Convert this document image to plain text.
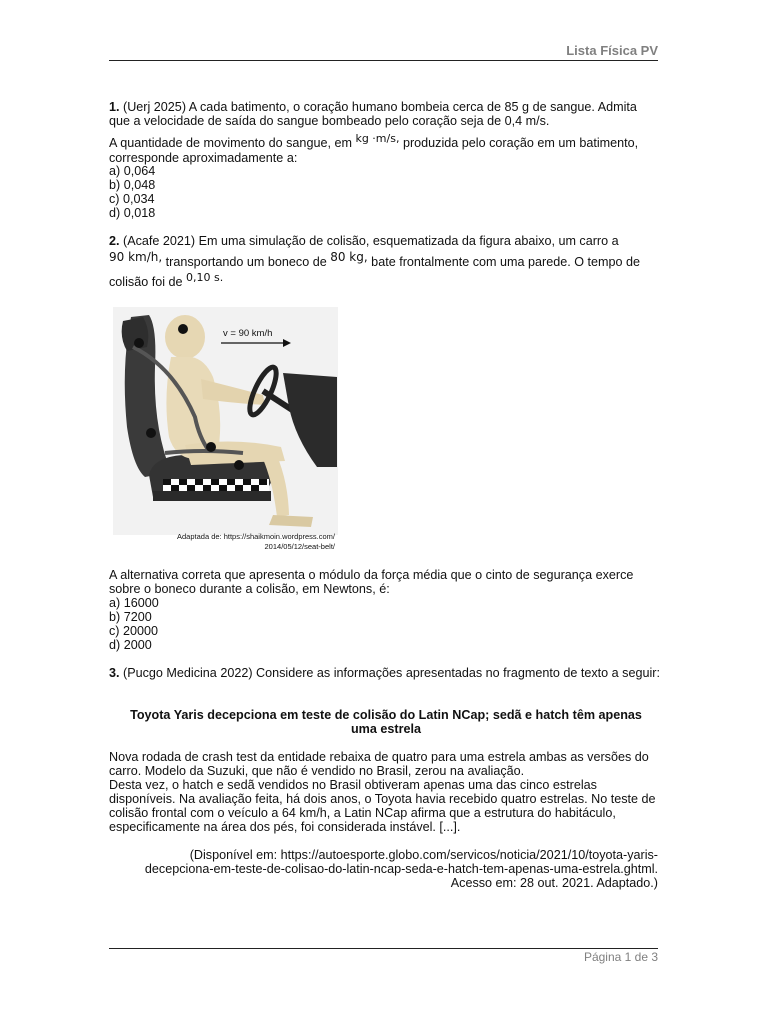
Lista Física PV
1. (Uerj 2025) A cada batimento, o coração humano bombeia cerca de 85 g de sangue. Admita que a velocidade de saída do sangue bombeado pelo coração seja de 0,4 m/s.
A quantidade de movimento do sangue, em kg ·m/s, produzida pelo coração em um batimento, corresponde aproximadamente a:
a) 0,064
b) 0,048
c) 0,034
d) 0,018
2. (Acafe 2021) Em uma simulação de colisão, esquematizada da figura abaixo, um carro a
90 km/h, transportando um boneco de 80 kg, bate frontalmente com uma parede. O tempo de
colisão foi de 0,10 s.
v = 90 km/h
Adaptada de: https://shaikmoin.wordpress.com/
2014/05/12/seat-belt/
A alternativa correta que apresenta o módulo da força média que o cinto de segurança exerce sobre o boneco durante a colisão, em Newtons, é:
a) 16000
b) 7200
c) 20000
d) 2000
3. (Pucgo Medicina 2022) Considere as informações apresentadas no fragmento de texto a seguir:
Toyota Yaris decepciona em teste de colisão do Latin NCap; sedã e hatch têm apenas uma estrela
Nova rodada de crash test da entidade rebaixa de quatro para uma estrela ambas as versões do carro. Modelo da Suzuki, que não é vendido no Brasil, zerou na avaliação.
Desta vez, o hatch e sedã vendidos no Brasil obtiveram apenas uma das cinco estrelas disponíveis. Na avaliação feita, há dois anos, o Toyota havia recebido quatro estrelas. No teste de colisão frontal com o veículo a 64 km/h, a Latin NCap afirma que a estrutura do habitáculo, especificamente na área dos pés, foi considerada instável. [...].
(Disponível em: https://autoesporte.globo.com/servicos/noticia/2021/10/toyota-yaris-
decepciona-em-teste-de-colisao-do-latin-ncap-seda-e-hatch-tem-apenas-uma-estrela.ghtml.
Acesso em: 28 out. 2021. Adaptado.)
Página 1 de 3
